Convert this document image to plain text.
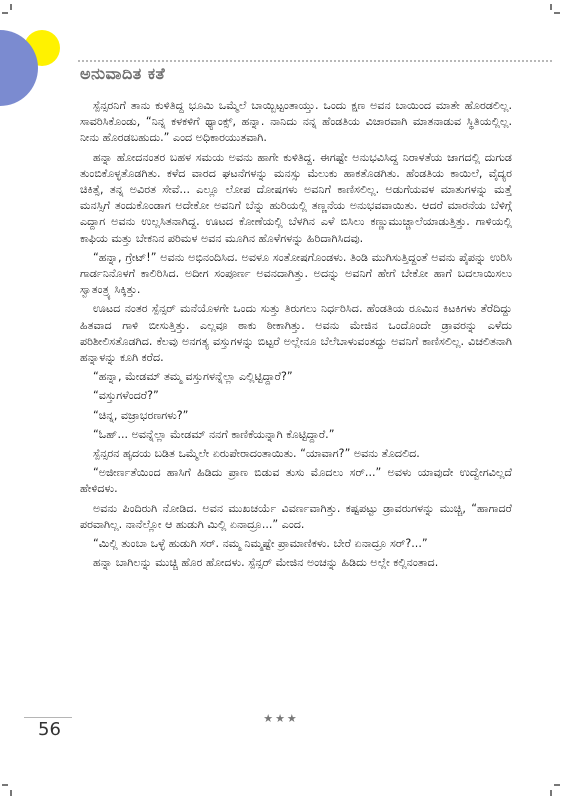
ಅನುವಾದಿತ ಕತೆ

ಸ್ಪೆನ್ಸರನಿಗೆ ತಾನು ಕುಳಿತಿದ್ದ ಭೂಮಿ ಒಮ್ಮೆಲೆ ಬಾಯ್ಬಿಟ್ಟಂತಾಯ್ತು. ಒಂದು ಕ್ಷಣ ಅವನ ಬಾಯಿಂದ ಮಾತೇ ಹೊರಡಲಿಲ್ಲ. ಸಾವರಿಸಿಕೊಂಡು, “ನಿನ್ನ ಕಳಕಳಿಗೆ ಥ್ಯಾಂಕ್ಸ್‌, ಹನ್ನಾ. ನಾನಿದು ನನ್ನ ಹೆಂಡತಿಯ ವಿಚಾರವಾಗಿ ಮಾತನಾಡುವ ಸ್ಥಿತಿಯಲ್ಲಿಲ್ಲ. ನೀನು ಹೊರಡಬಹುದು.” ಎಂದ ಅಧಿಕಾರಯುತವಾಗಿ.

ಹನ್ನಾ ಹೋದನಂತರ ಬಹಳ ಸಮಯ ಅವನು ಹಾಗೇ ಕುಳಿತಿದ್ದ. ಈಗಷ್ಟೇ ಅನುಭವಿಸಿದ್ದ ನಿರಾಳತೆಯ ಜಾಗದಲ್ಲಿ ದುಗುಡ ತುಂಬಿಕೊಳ್ಳತೊಡಗಿತು. ಕಳೆದ ವಾರದ ಘಟನೆಗಳನ್ನು ಮನಸ್ಸು ಮೆಲುಕು ಹಾಕತೊಡಗಿತು. ಹೆಂಡತಿಯ ಕಾಯಿಲೆ, ವೈದ್ಯರ ಚಿಕಿತ್ಸೆ, ತನ್ನ ಅವಿರತ ಸೇವೆ... ಎಲ್ಲೂ ಲೋಪ ದೋಷಗಳು ಅವನಿಗೆ ಕಾಣಿಸಲಿಲ್ಲ. ಅಡುಗೆಯವಳ ಮಾತುಗಳನ್ನು ಮತ್ತೆ ಮನಸ್ಸಿಗೆ ತಂದುಕೊಂಡಾಗ ಅದೇಕೋ ಅವನಿಗೆ ಬೆನ್ನು ಹುರಿಯಲ್ಲಿ ತಣ್ಣನೆಯ ಅನುಭವವಾಯಿತು. ಆದರೆ ಮಾರನೆಯ ಬೆಳಿಗ್ಗೆ ಎದ್ದಾಗ ಅವನು ಉಲ್ಲಸಿತನಾಗಿದ್ದ. ಊಟದ ಕೋಣೆಯಲ್ಲಿ ಬೆಳಗಿನ ಎಳೆ ಬಿಸಿಲು ಕಣ್ಣುಮುಚ್ಚಾಲೆಯಾಡುತ್ತಿತ್ತು. ಗಾಳಿಯಲ್ಲಿ ಕಾಫಿಯ ಮತ್ತು ಬೇಕನಿನ ಪರಿಮಳ ಅವನ ಮೂಗಿನ ಹೊಳೆಗಳನ್ನು ಹಿರಿದಾಗಿಸಿದವು.

“ಹನ್ನಾ, ಗ್ರೇಟ್‌!” ಅವನು ಅಭಿನಂದಿಸಿದ. ಅವಳೂ ಸಂತೋಷಗೊಂಡಳು. ತಿಂಡಿ ಮುಗಿಸುತ್ತಿದ್ದಂತೆ ಅವನು ಪೈಪನ್ನು ಉರಿಸಿ ಗಾರ್ಡನಿನೊಳಗೆ ಕಾಲಿರಿಸಿದ. ಅದೀಗ ಸಂಪೂರ್ಣ ಅವನದಾಗಿತ್ತು. ಅದನ್ನು ಅವನಿಗೆ ಹೇಗೆ ಬೇಕೋ ಹಾಗೆ ಬದಲಾಯಿಸಲು ಸ್ವಾತಂತ್ರ್ಯ ಸಿಕ್ಕಿತ್ತು.

ಊಟದ ನಂತರ ಸ್ಪೆನ್ಸರ್‌ ಮನೆಯೊಳಗೇ ಒಂದು ಸುತ್ತು ತಿರುಗಲು ನಿರ್ಧರಿಸಿದ. ಹೆಂಡತಿಯ ರೂಮಿನ ಕಿಟಕಿಗಳು ತೆರೆದಿದ್ದು ಹಿತವಾದ ಗಾಳಿ ಬೀಸುತ್ತಿತ್ತು. ಎಲ್ಲವೂ ಠಾಕು ಠೀಕಾಗಿತ್ತು. ಅವನು ಮೇಜಿನ ಒಂದೊಂದೇ ಡ್ರಾವರನ್ನು ಎಳೆದು ಪರಿಶೀಲಿಸತೊಡಗಿದ. ಕೆಲವು ಅನಗತ್ಯ ವಸ್ತುಗಳನ್ನು ಬಿಟ್ಟರೆ ಅಲ್ಲೇನೂ ಬೆಲೆಬಾಳುವಂತದ್ದು ಅವನಿಗೆ ಕಾಣಿಸಲಿಲ್ಲ. ವಿಚಲಿತನಾಗಿ ಹನ್ನಾಳನ್ನು ಕೂಗಿ ಕರೆದ.

“ಹನ್ನಾ, ಮೇಡಮ್‌ ತಮ್ಮ ವಸ್ತುಗಳನ್ನೆಲ್ಲಾ ಎಲ್ಲಿಟ್ಟಿದ್ದಾರೆ?”

“ವಸ್ತುಗಳೆಂದರೆ?”

“ಚಿನ್ನ, ವಜ್ರಾಭರಣಗಳು?”

“ಓಹ್‌... ಅವನ್ನೆಲ್ಲಾ ಮೇಡಮ್‌ ನನಗೆ ಕಾಣಿಕೆಯನ್ನಾಗಿ ಕೊಟ್ಟಿದ್ದಾರೆ.”

ಸ್ಪೆನ್ಸರನ ಹೃದಯ ಬಡಿತ ಒಮ್ಮೆಲೇ ಏರುಪೇರಾದಂತಾಯಿತು. “ಯಾವಾಗ?” ಅವನು ತೊದಲಿದ.

“ಅಜೀರ್ಣತೆಯಿಂದ ಹಾಸಿಗೆ ಹಿಡಿದು ಪ್ರಾಣ ಬಿಡುವ ತುಸು ಮೊದಲು ಸರ್‌...” ಅವಳು ಯಾವುದೇ ಉದ್ವೇಗವಿಲ್ಲದೆ ಹೇಳಿದಳು.

ಅವನು ಪಿಂದಿರುಗಿ ನೋಡಿದ. ಅವನ ಮುಖಚರ್ಯೆ ವಿವರ್ಣವಾಗಿತ್ತು. ಕಷ್ಟಪಟ್ಟು ಡ್ರಾವರುಗಳನ್ನು ಮುಚ್ಚಿ, “ಹಾಗಾದರೆ ಪರವಾಗಿಲ್ಲ. ನಾನೆಲ್ಲೋ ಆ ಹುಡುಗಿ ಮಿಲ್ಲಿ ಏನಾದ್ರೂ...” ಎಂದ.

“ಮಿಲ್ಲಿ ತುಂಬಾ ಒಳ್ಳೆ ಹುಡುಗಿ ಸರ್‌. ನಮ್ಮ ನಿಮ್ಮಷ್ಟೇ ಪ್ರಾಮಾಣಿಕಳು. ಬೇರೆ ಏನಾದ್ರೂ ಸರ್‌?...”

ಹನ್ನಾ ಬಾಗಿಲನ್ನು ಮುಚ್ಚಿ ಹೊರ ಹೋದಳು. ಸ್ಪೆನ್ಸರ್‌ ಮೇಜಿನ ಅಂಚನ್ನು ಹಿಡಿದು ಅಲ್ಲೇ ಕಲ್ಲಿನಂತಾದ.

★★★
56
